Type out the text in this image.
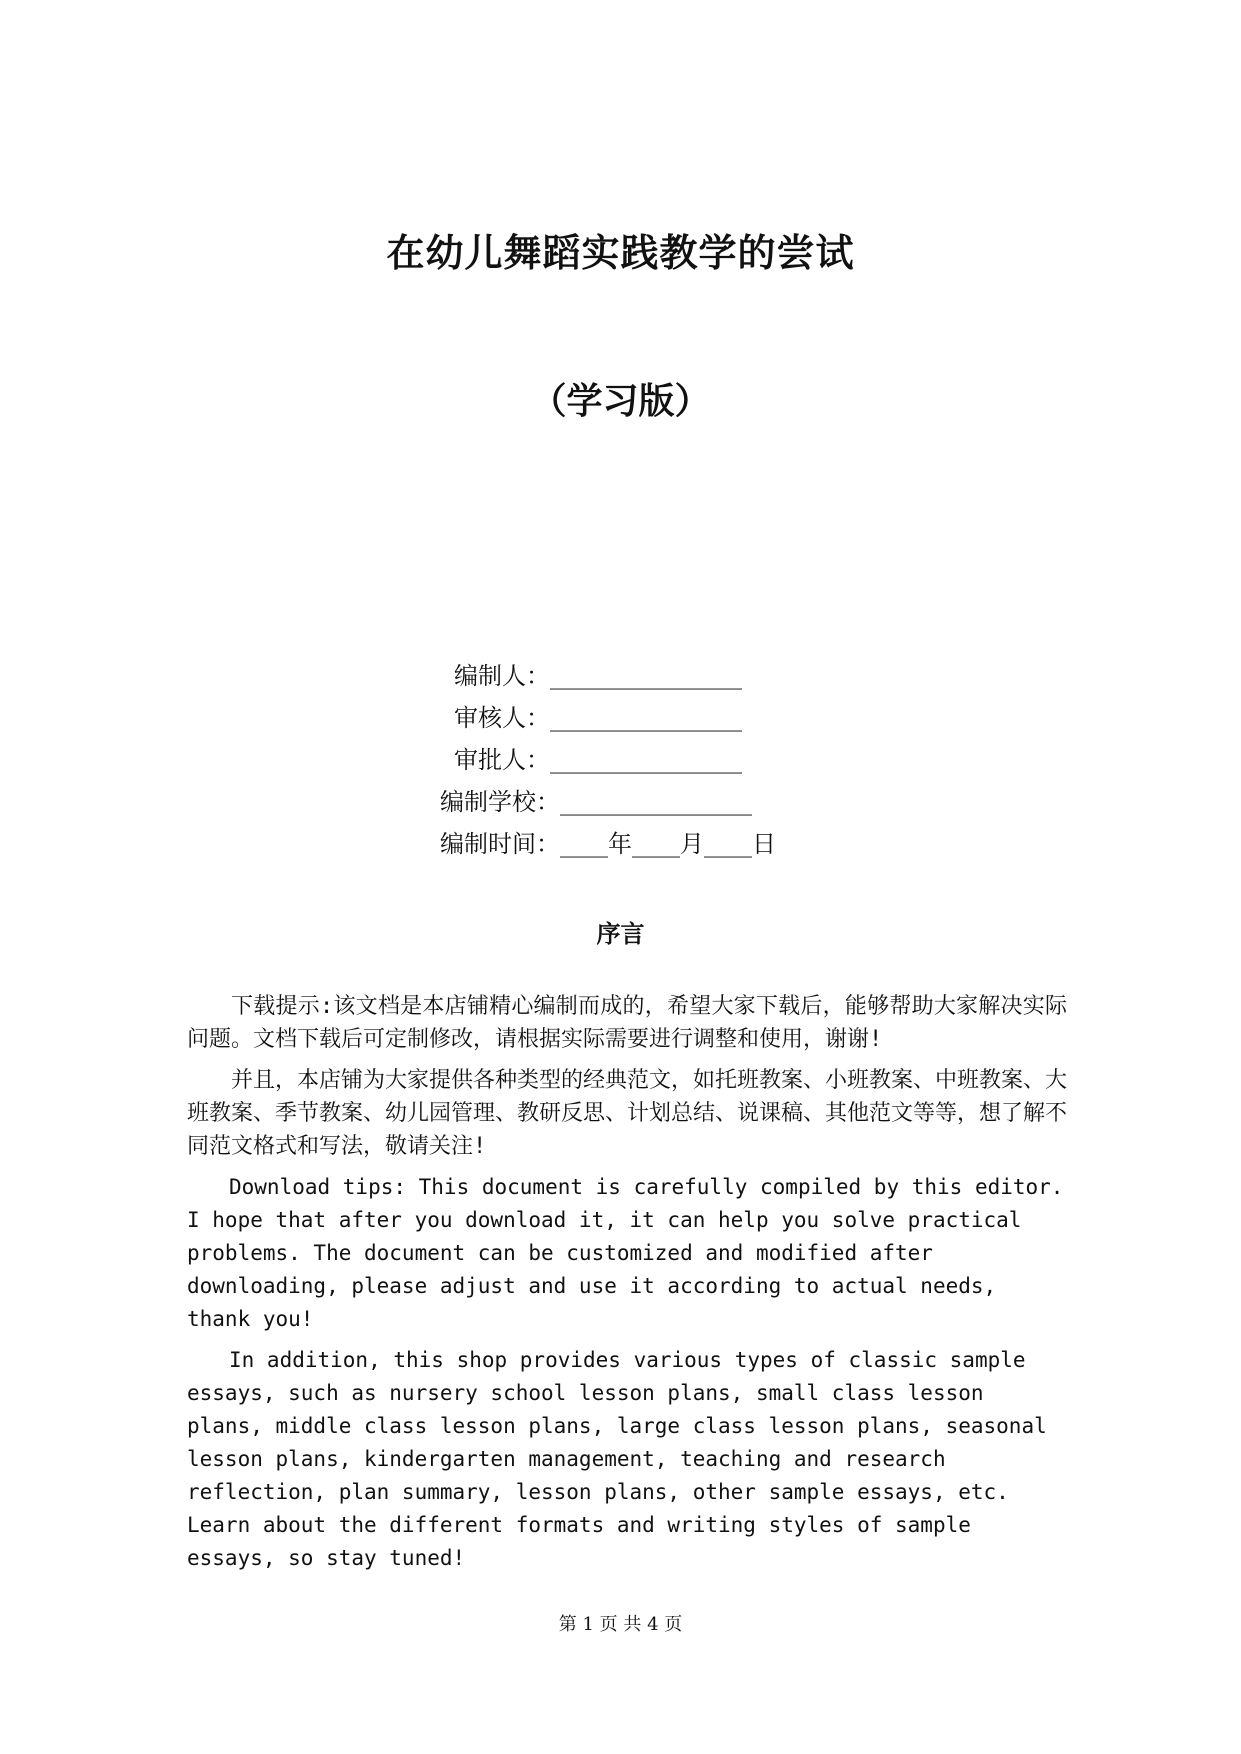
在幼儿舞蹈实践教学的尝试
（学习版）
编制人：________________
审核人：________________
审批人：________________
编制学校：________________
编制时间：____年____月____日
序言

下载提示:该文档是本店铺精心编制而成的，希望大家下载后，能够帮助大家解决实际问题。文档下载后可定制修改，请根据实际需要进行调整和使用，谢谢!

并且，本店铺为大家提供各种类型的经典范文，如托班教案、小班教案、中班教案、大班教案、季节教案、幼儿园管理、教研反思、计划总结、说课稿、其他范文等等，想了解不同范文格式和写法，敬请关注!

Download tips: This document is carefully compiled by this editor. I hope that after you download it, it can help you solve practical problems. The document can be customized and modified after downloading, please adjust and use it according to actual needs, thank you!

In addition, this shop provides various types of classic sample essays, such as nursery school lesson plans, small class lesson plans, middle class lesson plans, large class lesson plans, seasonal lesson plans, kindergarten management, teaching and research reflection, plan summary, lesson plans, other sample essays, etc. Learn about the different formats and writing styles of sample essays, so stay tuned!

第 1 页 共 4 页
